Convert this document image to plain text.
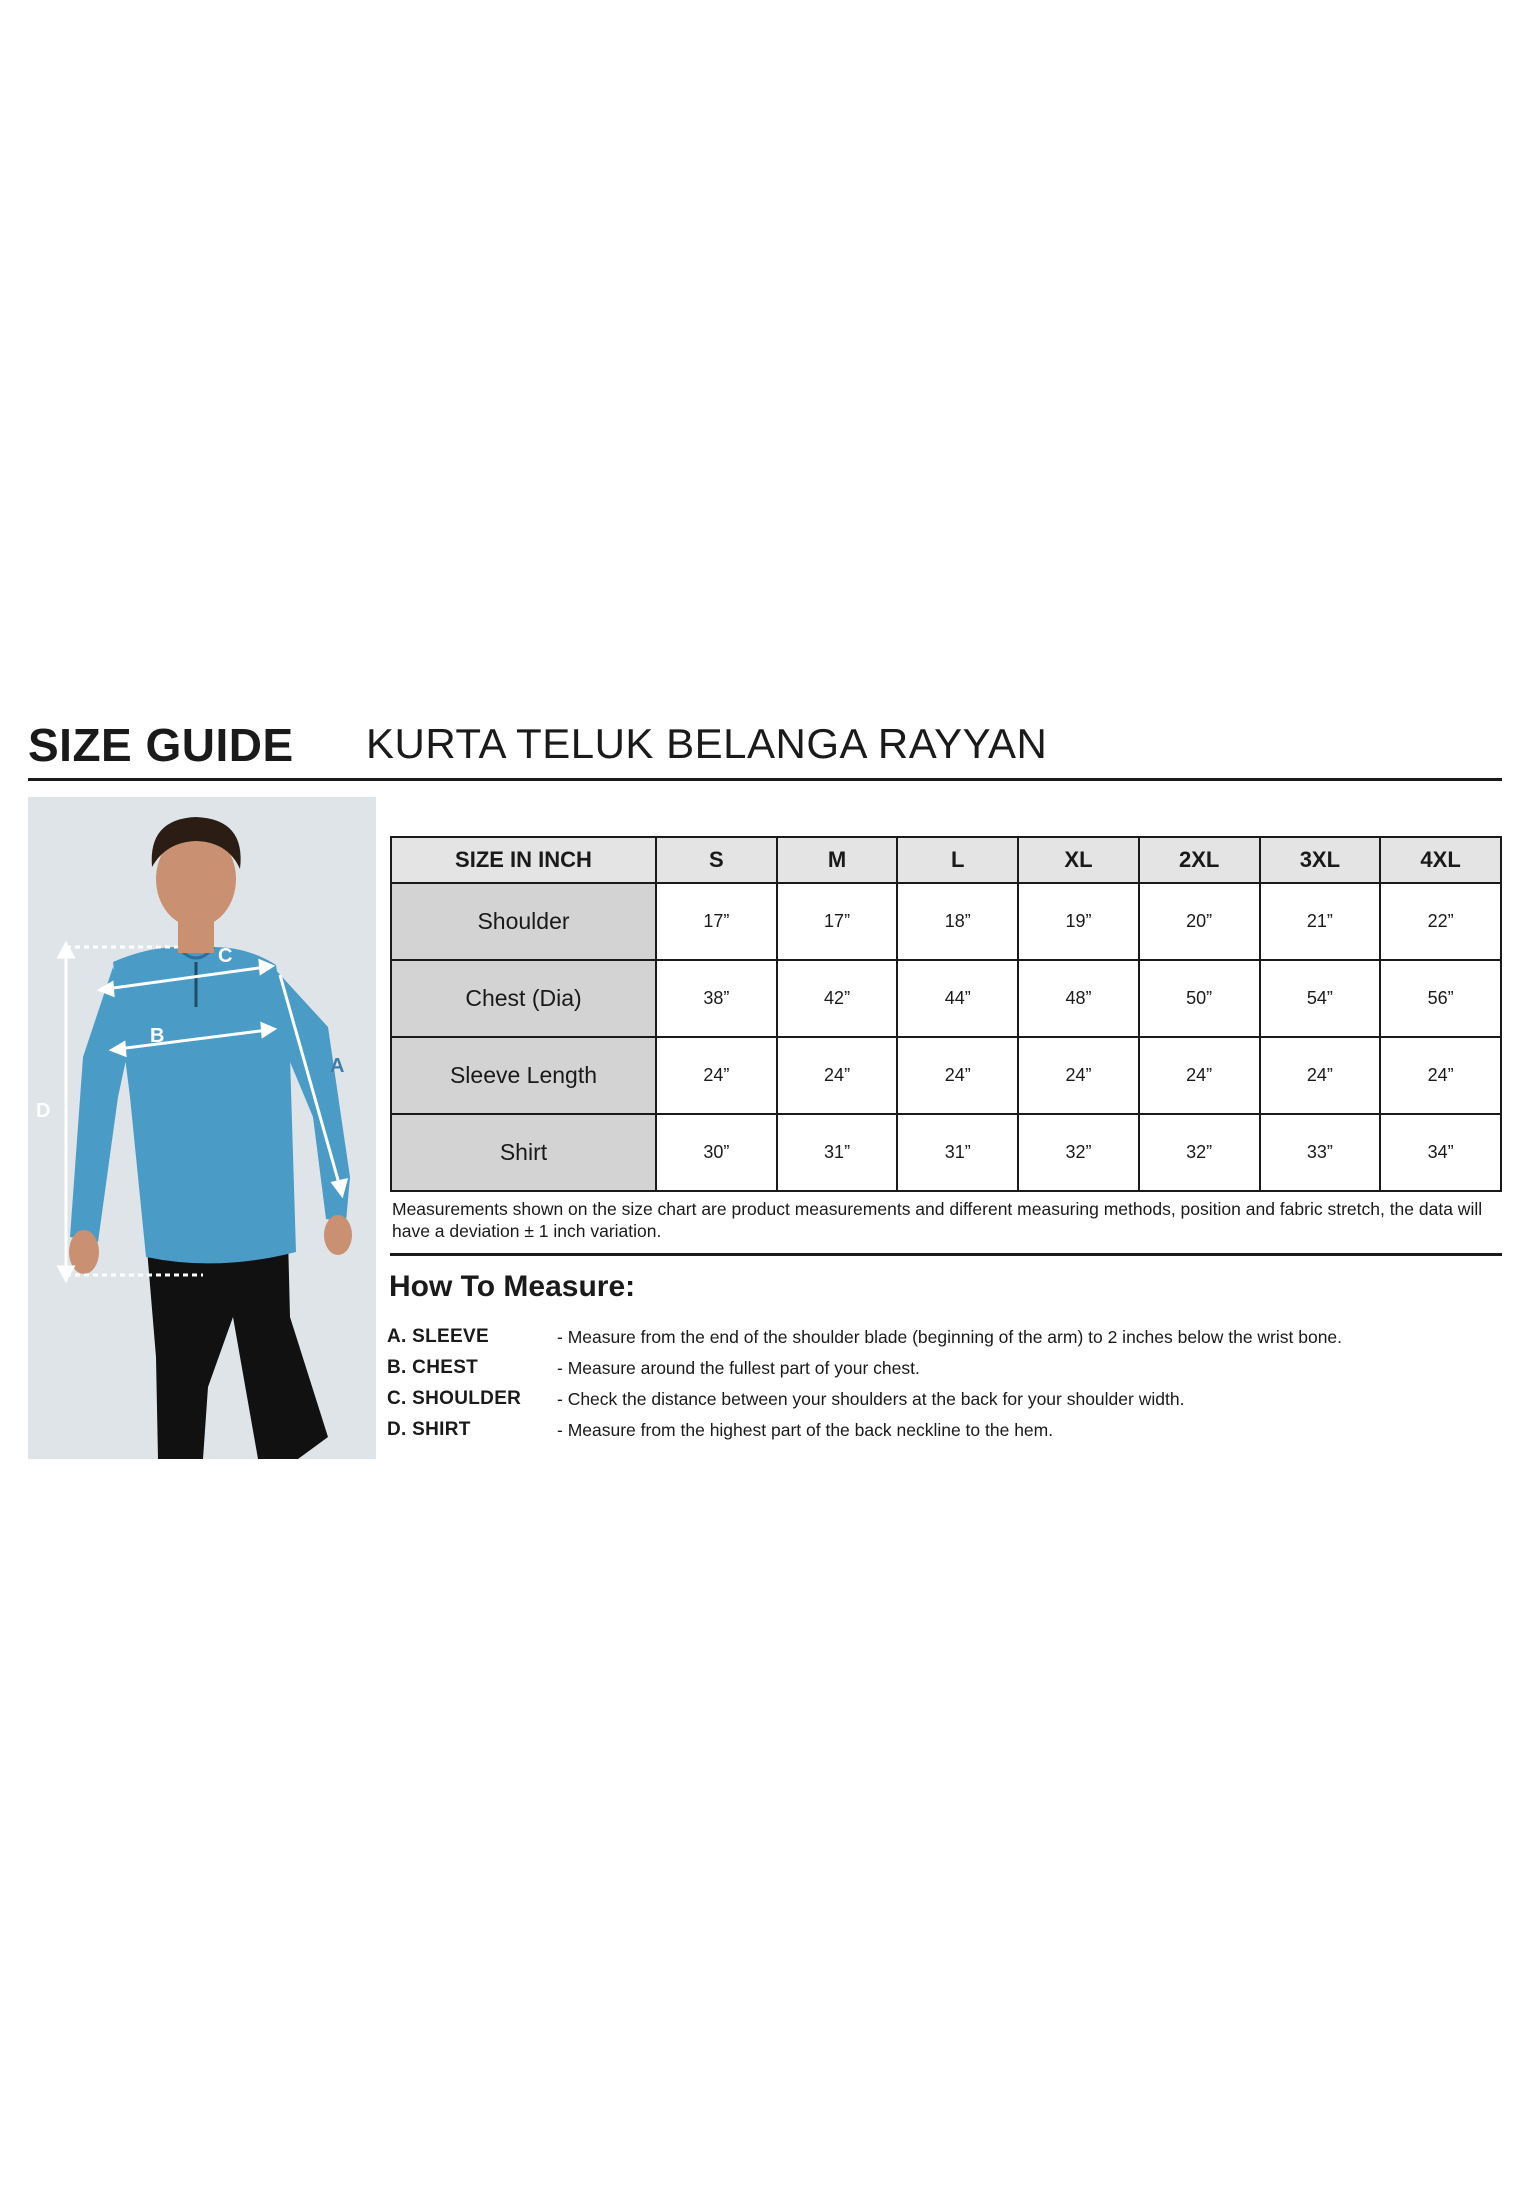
SIZE GUIDE KURTA TELUK BELANGA RAYYAN
C
B
A
D
SIZE IN INCH	S	M	L	XL	2XL	3XL	4XL
Shoulder	17”	17”	18”	19”	20”	21”	22”
Chest (Dia)	38”	42”	44”	48”	50”	54”	56”
Sleeve Length	24”	24”	24”	24”	24”	24”	24”
Shirt	30”	31”	31”	32”	32”	33”	34”
Measurements shown on the size chart are product measurements and different measuring methods, position and fabric stretch, the data will have a deviation ± 1 inch variation.
How To Measure:
A. SLEEVE	- Measure from the end of the shoulder blade (beginning of the arm) to 2 inches below the wrist bone.
B. CHEST	- Measure around the fullest part of your chest.
C. SHOULDER - Check the distance between your shoulders at the back for your shoulder width.
D. SHIRT	- Measure from the highest part of the back neckline to the hem.
